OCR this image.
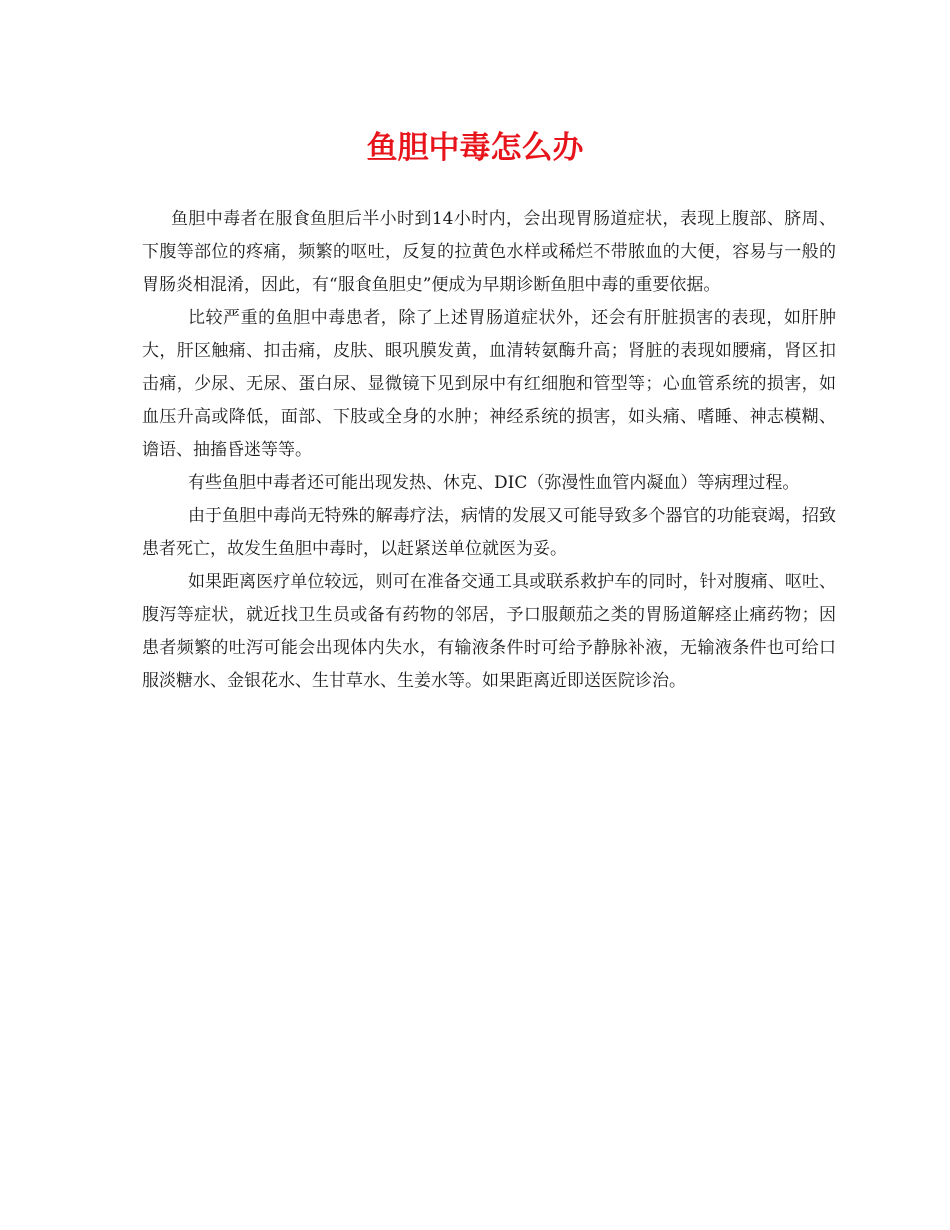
鱼胆中毒怎么办

鱼胆中毒者在服食鱼胆后半小时到14小时内，会出现胃肠道症状，表现上腹部、脐周、下腹等部位的疼痛，频繁的呕吐，反复的拉黄色水样或稀烂不带脓血的大便，容易与一般的胃肠炎相混淆，因此，有“服食鱼胆史”便成为早期诊断鱼胆中毒的重要依据。

比较严重的鱼胆中毒患者，除了上述胃肠道症状外，还会有肝脏损害的表现，如肝肿大，肝区触痛、扣击痛，皮肤、眼巩膜发黄，血清转氨酶升高；肾脏的表现如腰痛，肾区扣击痛，少尿、无尿、蛋白尿、显微镜下见到尿中有红细胞和管型等；心血管系统的损害，如血压升高或降低，面部、下肢或全身的水肿；神经系统的损害，如头痛、嗜睡、神志模糊、谵语、抽搐昏迷等等。

有些鱼胆中毒者还可能出现发热、休克、DIC（弥漫性血管内凝血）等病理过程。

由于鱼胆中毒尚无特殊的解毒疗法，病情的发展又可能导致多个器官的功能衰竭，招致患者死亡，故发生鱼胆中毒时，以赶紧送单位就医为妥。

如果距离医疗单位较远，则可在准备交通工具或联系救护车的同时，针对腹痛、呕吐、腹泻等症状，就近找卫生员或备有药物的邻居，予口服颠茄之类的胃肠道解痉止痛药物；因患者频繁的吐泻可能会出现体内失水，有输液条件时可给予静脉补液，无输液条件也可给口服淡糖水、金银花水、生甘草水、生姜水等。如果距离近即送医院诊治。
